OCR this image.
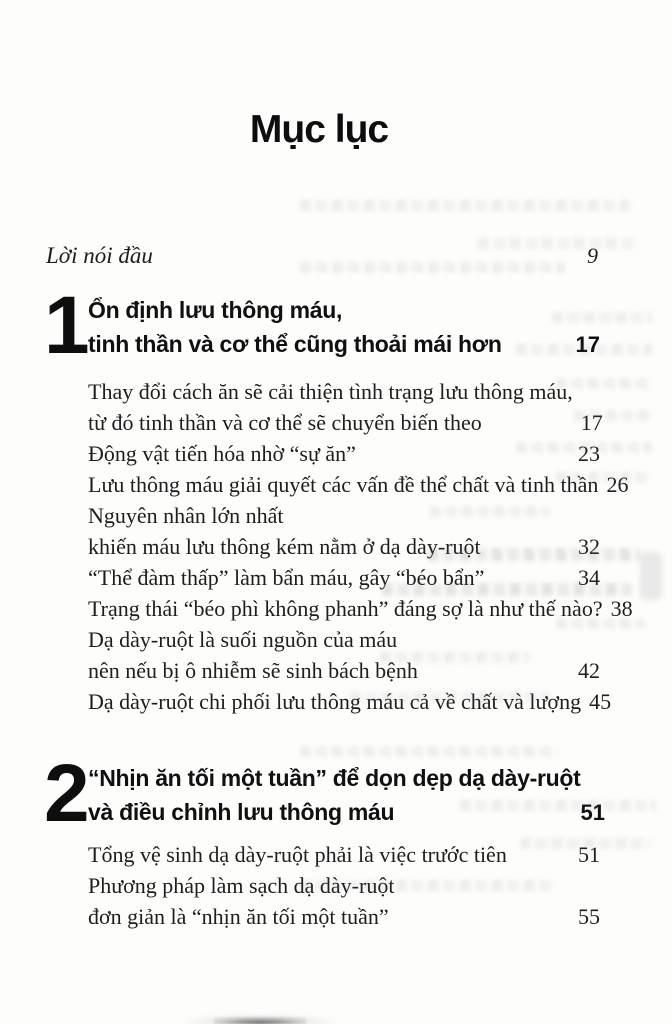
Mục lục
Lời nói đầu	9
1 Ổn định lưu thông máu,
tinh thần và cơ thể cũng thoải mái hơn	17
Thay đổi cách ăn sẽ cải thiện tình trạng lưu thông máu,
từ đó tinh thần và cơ thể sẽ chuyển biến theo	17
Động vật tiến hóa nhờ “sự ăn”	23
Lưu thông máu giải quyết các vấn đề thể chất và tinh thần 26
Nguyên nhân lớn nhất
khiến máu lưu thông kém nằm ở dạ dày-ruột	32
“Thể đàm thấp” làm bẩn máu, gây “béo bẩn”	34
Trạng thái “béo phì không phanh” đáng sợ là như thế nào? 38
Dạ dày-ruột là suối nguồn của máu
nên nếu bị ô nhiễm sẽ sinh bách bệnh	42
Dạ dày-ruột chi phối lưu thông máu cả về chất và lượng 45
2 “Nhịn ăn tối một tuần” để dọn dẹp dạ dày-ruột
và điều chỉnh lưu thông máu	51
Tổng vệ sinh dạ dày-ruột phải là việc trước tiên	51
Phương pháp làm sạch dạ dày-ruột
đơn giản là “nhịn ăn tối một tuần”	55
